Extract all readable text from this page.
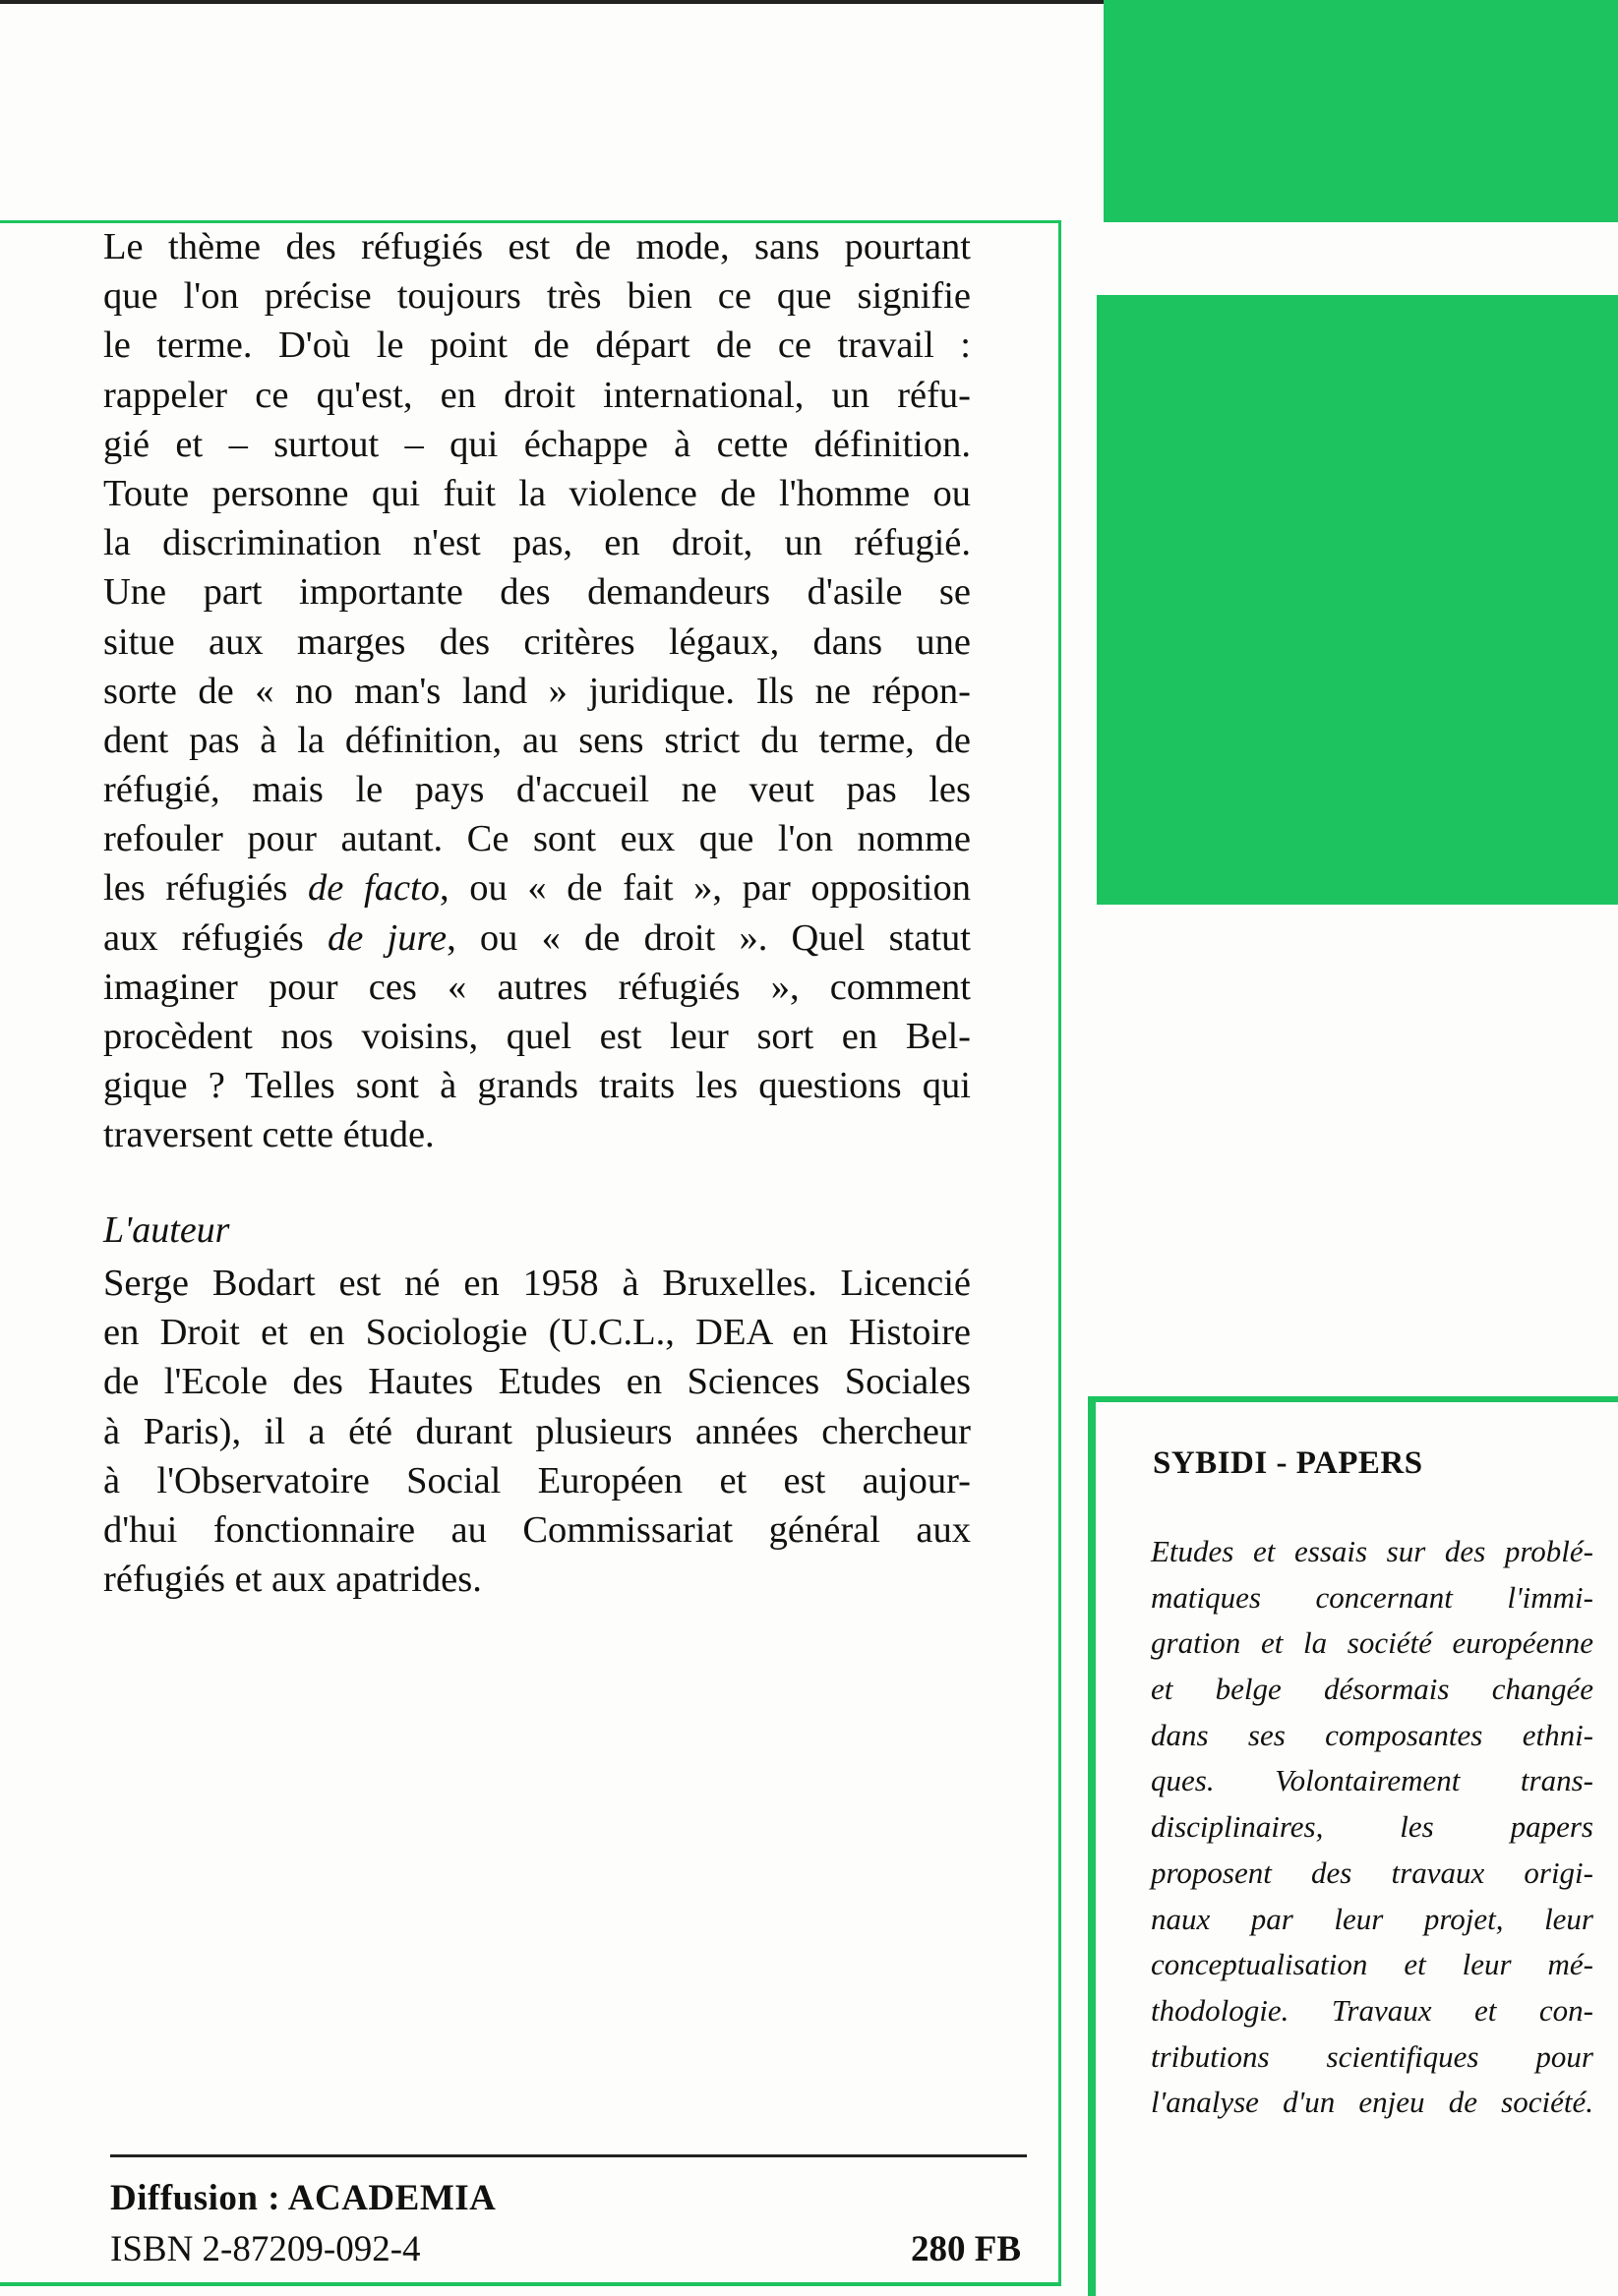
Le thème des réfugiés est de mode, sans pourtant
que l'on précise toujours très bien ce que signifie
le terme. D'où le point de départ de ce travail :
rappeler ce qu'est, en droit international, un réfu-
gié et – surtout – qui échappe à cette définition.
Toute personne qui fuit la violence de l'homme ou
la discrimination n'est pas, en droit, un réfugié.
Une part importante des demandeurs d'asile se
situe aux marges des critères légaux, dans une
sorte de « no man's land » juridique. Ils ne répon-
dent pas à la définition, au sens strict du terme, de
réfugié, mais le pays d'accueil ne veut pas les
refouler pour autant. Ce sont eux que l'on nomme
les réfugiés de facto, ou « de fait », par opposition
aux réfugiés de jure, ou « de droit ». Quel statut
imaginer pour ces « autres réfugiés », comment
procèdent nos voisins, quel est leur sort en Bel-
gique ? Telles sont à grands traits les questions qui
traversent cette étude.
L'auteur
Serge Bodart est né en 1958 à Bruxelles. Licencié
en Droit et en Sociologie (U.C.L., DEA en Histoire
de l'Ecole des Hautes Etudes en Sciences Sociales
à Paris), il a été durant plusieurs années chercheur
à l'Observatoire Social Européen et est aujour-
d'hui fonctionnaire au Commissariat général aux
réfugiés et aux apatrides.
Diffusion : ACADEMIA
ISBN 2-87209-092-4	280 FB
SYBIDI - PAPERS
Etudes et essais sur des problé-
matiques concernant l'immi-
gration et la société européenne
et belge désormais changée
dans ses composantes ethni-
ques. Volontairement trans-
disciplinaires, les papers
proposent des travaux origi-
naux par leur projet, leur
conceptualisation et leur mé-
thodologie. Travaux et con-
tributions scientifiques pour
l'analyse d'un enjeu de société.
